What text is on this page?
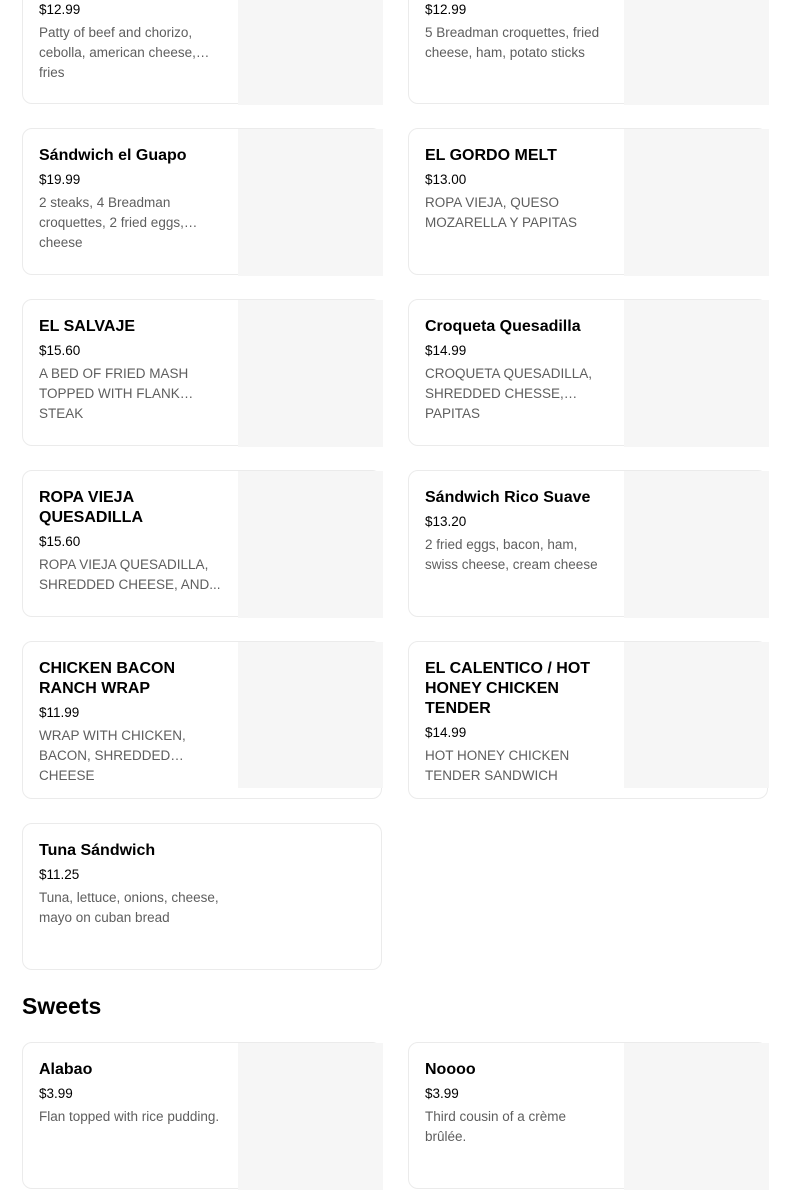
$12.99
Patty of beef and chorizo, cebolla, american cheese, fries
$12.99
5 Breadman croquettes, fried cheese, ham, potato sticks
Sándwich el Guapo
$19.99
2 steaks, 4 Breadman croquettes, 2 fried eggs, cheese
EL GORDO MELT
$13.00
ROPA VIEJA, QUESO MOZARELLA Y PAPITAS
EL SALVAJE
$15.60
A BED OF FRIED MASH TOPPED WITH FLANK STEAK
Croqueta Quesadilla
$14.99
CROQUETA QUESADILLA, SHREDDED CHESSE, PAPITAS
ROPA VIEJA QUESADILLA
$15.60
ROPA VIEJA QUESADILLA, SHREDDED CHEESE, AND...
Sándwich Rico Suave
$13.20
2 fried eggs, bacon, ham, swiss cheese, cream cheese
CHICKEN BACON RANCH WRAP
$11.99
WRAP WITH CHICKEN, BACON, SHREDDED CHEESE
EL CALENTICO / HOT HONEY CHICKEN TENDER
$14.99
HOT HONEY CHICKEN TENDER SANDWICH
Tuna Sándwich
$11.25
Tuna, lettuce, onions, cheese, mayo on cuban bread
Sweets
Alabao
$3.99
Flan topped with rice pudding.
Noooo
$3.99
Third cousin of a crème brûlée.
